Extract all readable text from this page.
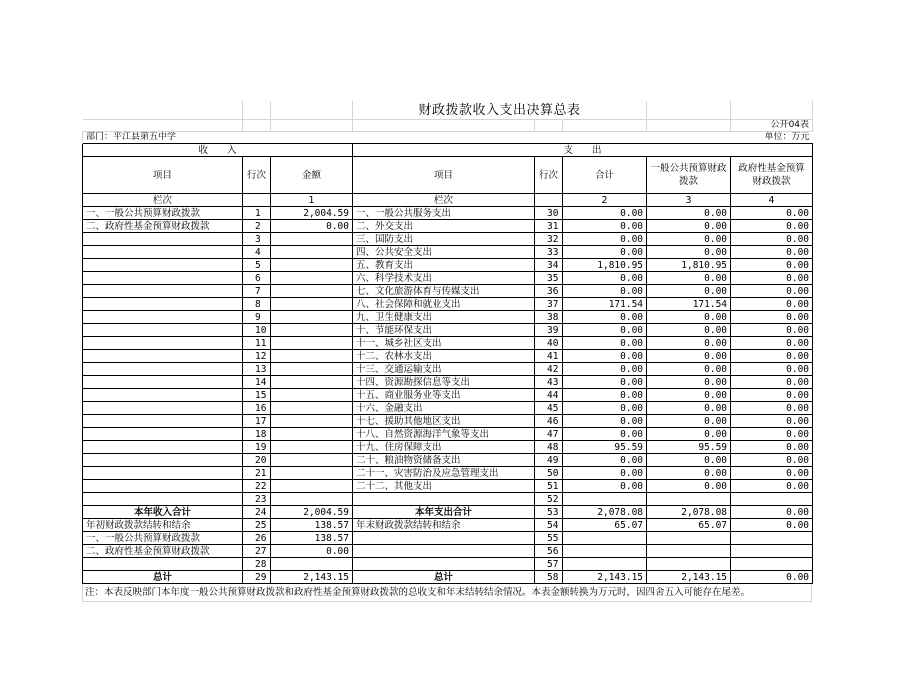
			财政拨款收入支出决算总表				
							公开04表
部门：平江县第五中学							单位：万元
收　　入			支　　出				
项目	行次	金额	项目	行次	合计	一般公共预算财政拨款	政府性基金预算财政拨款
栏次		1	栏次		2	3	4
一、一般公共预算财政拨款	1	2,004.59	一、一般公共服务支出	30	0.00	0.00	0.00
二、政府性基金预算财政拨款	2	0.00	二、外交支出	31	0.00	0.00	0.00
	3		三、国防支出	32	0.00	0.00	0.00
	4		四、公共安全支出	33	0.00	0.00	0.00
	5		五、教育支出	34	1,810.95	1,810.95	0.00
	6		六、科学技术支出	35	0.00	0.00	0.00
	7		七、文化旅游体育与传媒支出	36	0.00	0.00	0.00
	8		八、社会保障和就业支出	37	171.54	171.54	0.00
	9		九、卫生健康支出	38	0.00	0.00	0.00
	10		十、节能环保支出	39	0.00	0.00	0.00
	11		十一、城乡社区支出	40	0.00	0.00	0.00
	12		十二、农林水支出	41	0.00	0.00	0.00
	13		十三、交通运输支出	42	0.00	0.00	0.00
	14		十四、资源勘探信息等支出	43	0.00	0.00	0.00
	15		十五、商业服务业等支出	44	0.00	0.00	0.00
	16		十六、金融支出	45	0.00	0.00	0.00
	17		十七、援助其他地区支出	46	0.00	0.00	0.00
	18		十八、自然资源海洋气象等支出	47	0.00	0.00	0.00
	19		十九、住房保障支出	48	95.59	95.59	0.00
	20		二十、粮油物资储备支出	49	0.00	0.00	0.00
	21		二十一、灾害防治及应急管理支出	50	0.00	0.00	0.00
	22		二十二、其他支出	51	0.00	0.00	0.00
	23			52			
本年收入合计	24	2,004.59	本年支出合计	53	2,078.08	2,078.08	0.00
年初财政拨款结转和结余	25	138.57	年末财政拨款结转和结余	54	65.07	65.07	0.00
一、一般公共预算财政拨款	26	138.57		55			
二、政府性基金预算财政拨款	27	0.00		56			
	28			57			
总计	29	2,143.15	总计	58	2,143.15	2,143.15	0.00
注：本表反映部门本年度一般公共预算财政拨款和政府性基金预算财政拨款的总收支和年末结转结余情况。本表金额转换为万元时，因四舍五入可能存在尾差。
